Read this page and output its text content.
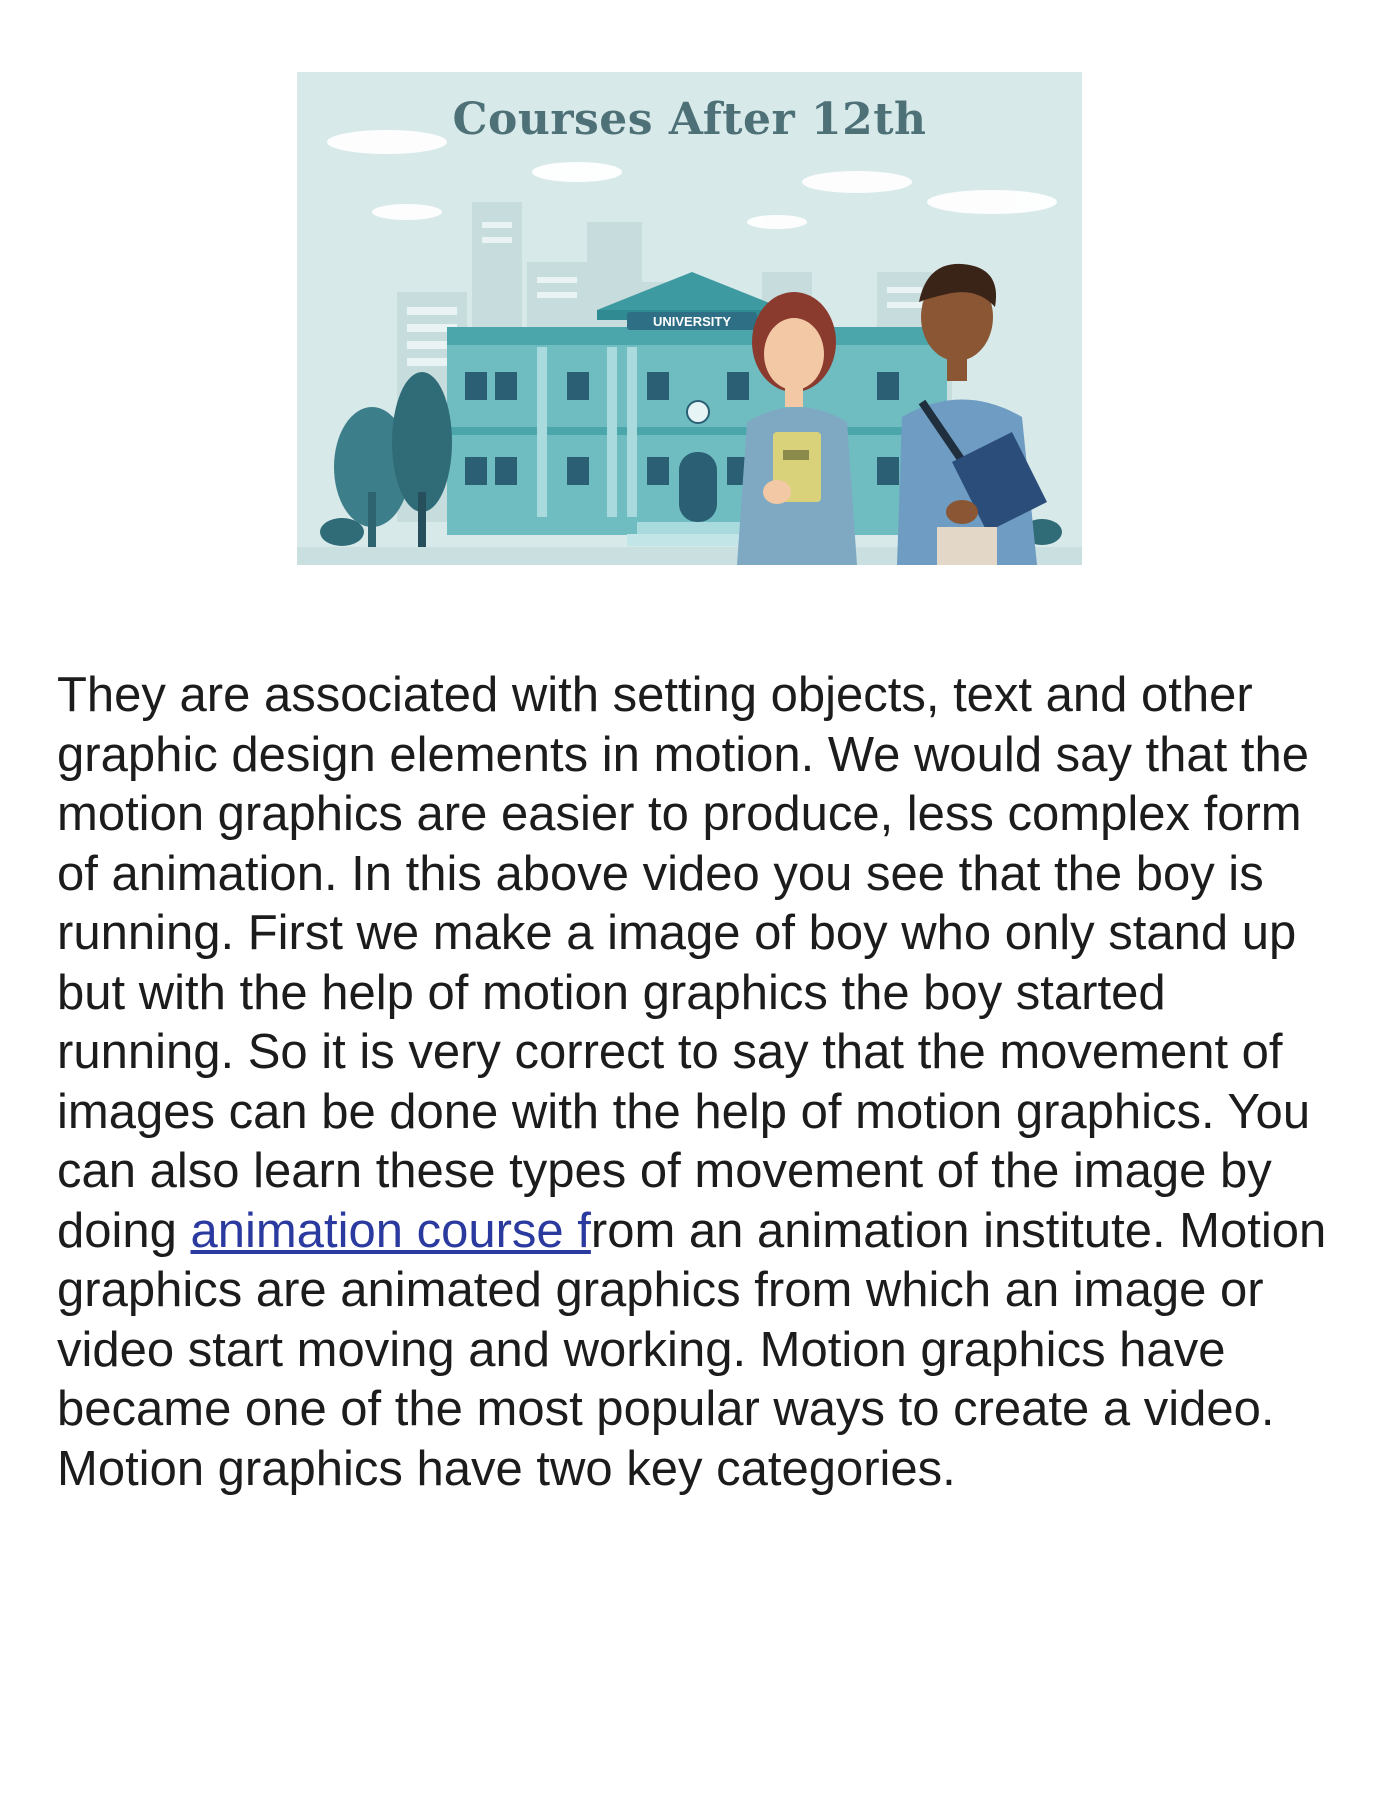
UNIVERSITY
Courses After 12th

They are associated with setting objects, text and other graphic design elements in motion. We would say that the motion graphics are easier to produce, less complex form of animation. In this above video you see that the boy is running. First we make a image of boy who only stand up but with the help of motion graphics the boy started running. So it is very correct to say that the movement of images can be done with the help of motion graphics. You can also learn these types of movement of the image by doing animation course from an animation institute. Motion graphics are animated graphics from which an image or video start moving and working. Motion graphics have became one of the most popular ways to create a video. Motion graphics have two key categories.
